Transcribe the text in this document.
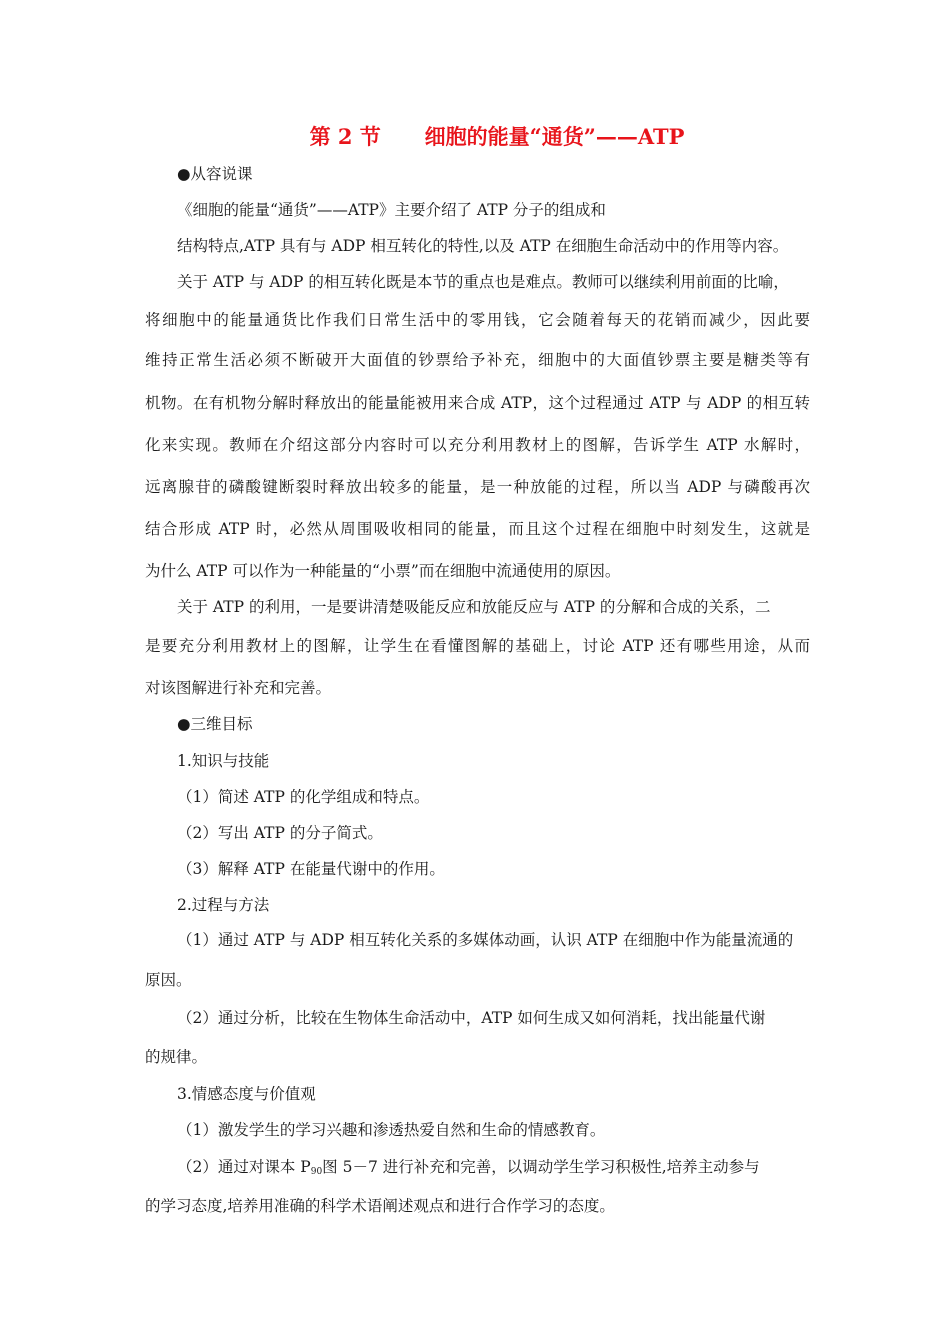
第 2 节      细胞的能量“通货”——ATP
●从容说课
《细胞的能量“通货”——ATP》主要介绍了 ATP 分子的组成和
结构特点,ATP 具有与 ADP 相互转化的特性,以及 ATP 在细胞生命活动中的作用等内容。
关于 ATP 与 ADP 的相互转化既是本节的重点也是难点。教师可以继续利用前面的比喻，
将细胞中的能量通货比作我们日常生活中的零用钱，它会随着每天的花销而减少，因此要
维持正常生活必须不断破开大面值的钞票给予补充，细胞中的大面值钞票主要是糖类等有
机物。在有机物分解时释放出的能量能被用来合成 ATP，这个过程通过 ATP 与 ADP 的相互转
化来实现。教师在介绍这部分内容时可以充分利用教材上的图解，告诉学生 ATP 水解时，
远离腺苷的磷酸键断裂时释放出较多的能量，是一种放能的过程，所以当 ADP 与磷酸再次
结合形成 ATP 时，必然从周围吸收相同的能量，而且这个过程在细胞中时刻发生，这就是
为什么 ATP 可以作为一种能量的“小票”而在细胞中流通使用的原因。
关于 ATP 的利用，一是要讲清楚吸能反应和放能反应与 ATP 的分解和合成的关系，二
是要充分利用教材上的图解，让学生在看懂图解的基础上，讨论 ATP 还有哪些用途，从而
对该图解进行补充和完善。
●三维目标
1.知识与技能
（1）简述 ATP 的化学组成和特点。
（2）写出 ATP 的分子简式。
（3）解释 ATP 在能量代谢中的作用。
2.过程与方法
（1）通过 ATP 与 ADP 相互转化关系的多媒体动画，认识 ATP 在细胞中作为能量流通的
原因。
（2）通过分析，比较在生物体生命活动中，ATP 如何生成又如何消耗，找出能量代谢
的规律。
3.情感态度与价值观
（1）激发学生的学习兴趣和渗透热爱自然和生命的情感教育。
（2）通过对课本 $P_{90}$图 5－7 进行补充和完善，以调动学生学习积极性,培养主动参与
的学习态度,培养用准确的科学术语阐述观点和进行合作学习的态度。
